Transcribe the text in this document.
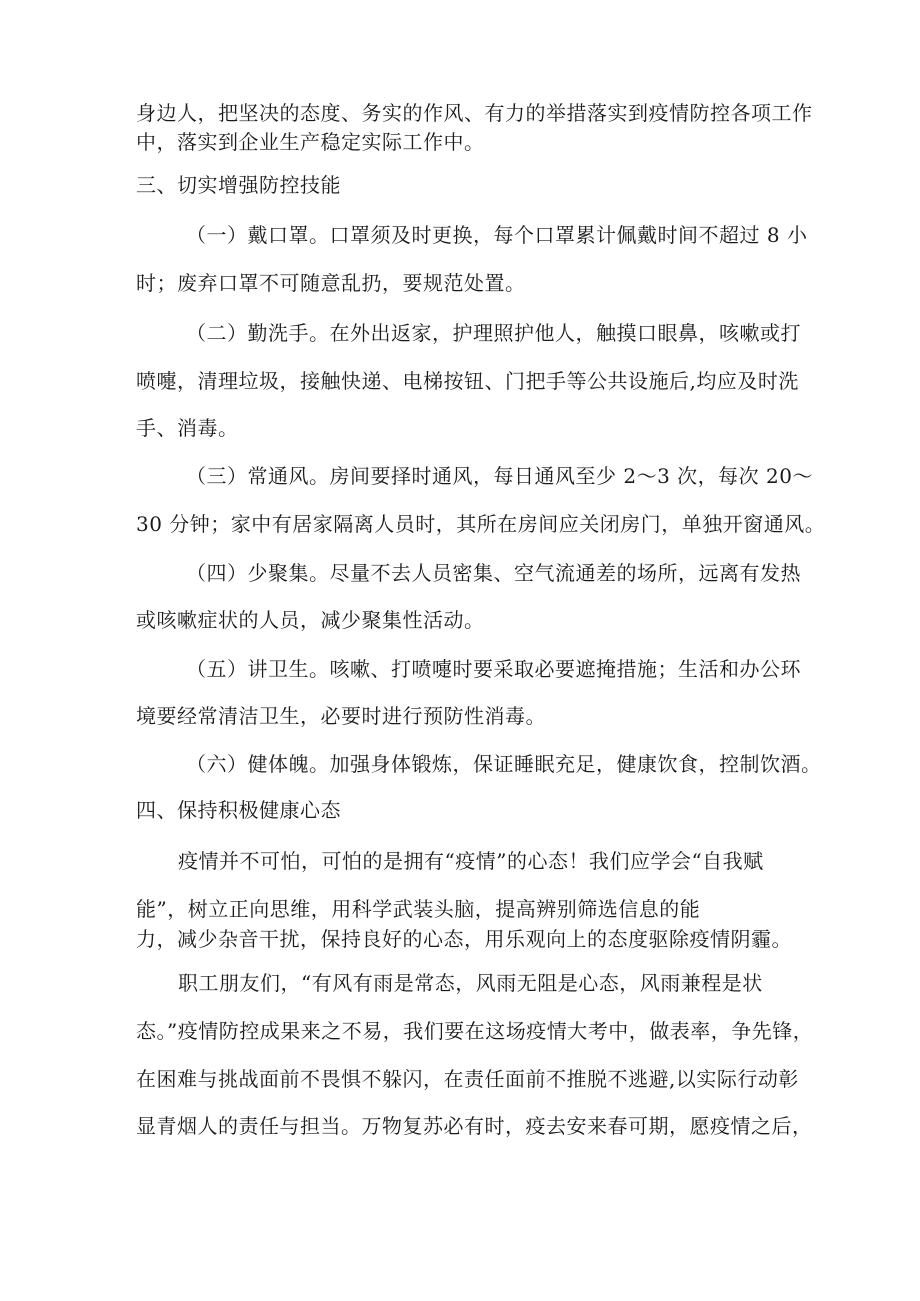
身边人，把坚决的态度、务实的作风、有力的举措落实到疫情防控各项工作
中，落实到企业生产稳定实际工作中。
三、切实增强防控技能
（一）戴口罩。口罩须及时更换，每个口罩累计佩戴时间不超过 8 小
时；废弃口罩不可随意乱扔，要规范处置。
（二）勤洗手。在外出返家，护理照护他人，触摸口眼鼻，咳嗽或打
喷嚏，清理垃圾，接触快递、电梯按钮、门把手等公共设施后,均应及时洗
手、消毒。
（三）常通风。房间要择时通风，每日通风至少 2～3 次，每次 20～
30 分钟；家中有居家隔离人员时，其所在房间应关闭房门，单独开窗通风。
（四）少聚集。尽量不去人员密集、空气流通差的场所，远离有发热
或咳嗽症状的人员，减少聚集性活动。
（五）讲卫生。咳嗽、打喷嚏时要采取必要遮掩措施；生活和办公环
境要经常清洁卫生，必要时进行预防性消毒。
（六）健体魄。加强身体锻炼，保证睡眠充足，健康饮食，控制饮酒。
四、保持积极健康心态
疫情并不可怕，可怕的是拥有“疫情”的心态！我们应学会“自我赋
能”，树立正向思维，用科学武装头脑，提高辨别筛选信息的能
力，减少杂音干扰，保持良好的心态，用乐观向上的态度驱除疫情阴霾。
职工朋友们，“有风有雨是常态，风雨无阻是心态，风雨兼程是状
态。”疫情防控成果来之不易，我们要在这场疫情大考中，做表率，争先锋，
在困难与挑战面前不畏惧不躲闪，在责任面前不推脱不逃避,以实际行动彰
显青烟人的责任与担当。万物复苏必有时，疫去安来春可期，愿疫情之后，
